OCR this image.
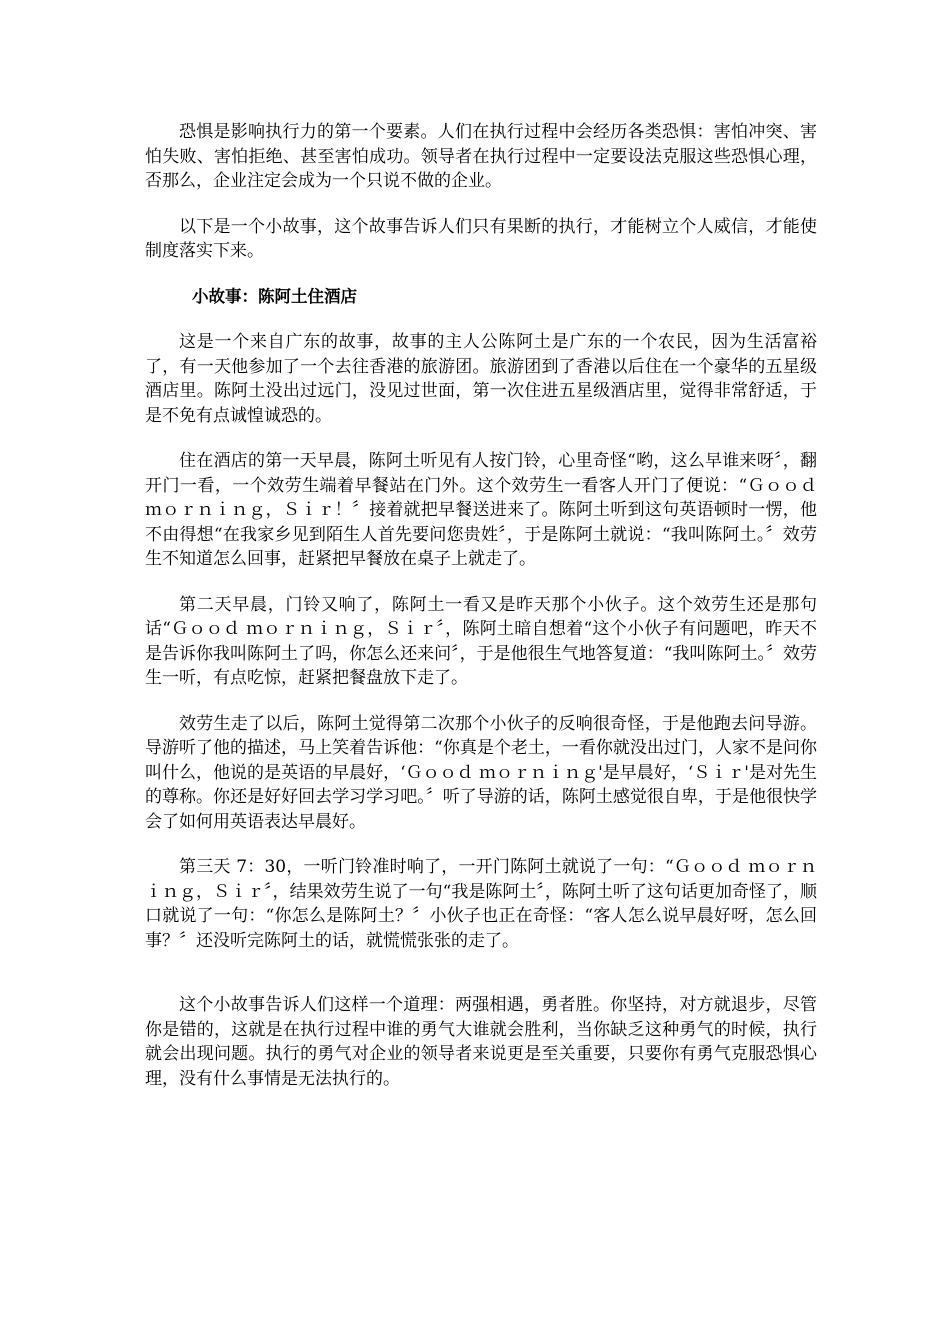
恐惧是影响执行力的第一个要素。人们在执行过程中会经历各类恐惧：害怕冲突、害怕失败、害怕拒绝、甚至害怕成功。领导者在执行过程中一定要设法克服这些恐惧心理，否那么，企业注定会成为一个只说不做的企业。

以下是一个小故事，这个故事告诉人们只有果断的执行，才能树立个人威信，才能使制度落实下来。

小故事：陈阿土住酒店

这是一个来自广东的故事，故事的主人公陈阿土是广东的一个农民，因为生活富裕了，有一天他参加了一个去往香港的旅游团。旅游团到了香港以后住在一个豪华的五星级酒店里。陈阿土没出过远门，没见过世面，第一次住进五星级酒店里，觉得非常舒适，于是不免有点诚惶诚恐的。

住在酒店的第一天早晨，陈阿土听见有人按门铃，心里奇怪“哟，这么早谁来呀〞，翻开门一看，一个效劳生端着早餐站在门外。这个效劳生一看客人开门了便说：“Ｇｏｏｄ ｍｏｒｎｉｎｇ，Ｓｉｒ！〞接着就把早餐送进来了。陈阿土听到这句英语顿时一愣，他不由得想“在我家乡见到陌生人首先要问您贵姓〞，于是陈阿土就说：“我叫陈阿土。〞效劳生不知道怎么回事，赶紧把早餐放在桌子上就走了。

第二天早晨，门铃又响了，陈阿土一看又是昨天那个小伙子。这个效劳生还是那句话“Ｇｏｏｄ ｍｏｒｎｉｎｇ，Ｓｉｒ〞，陈阿土暗自想着“这个小伙子有问题吧，昨天不是告诉你我叫陈阿土了吗，你怎么还来问〞，于是他很生气地答复道：“我叫陈阿土。〞效劳生一听，有点吃惊，赶紧把餐盘放下走了。

效劳生走了以后，陈阿土觉得第二次那个小伙子的反响很奇怪，于是他跑去问导游。导游听了他的描述，马上笑着告诉他：“你真是个老土，一看你就没出过门，人家不是问你叫什么，他说的是英语的早晨好，‘Ｇｏｏｄ ｍｏｒｎｉｎｇ'是早晨好，‘Ｓｉｒ'是对先生的尊称。你还是好好回去学习学习吧。〞听了导游的话，陈阿土感觉很自卑，于是他很快学会了如何用英语表达早晨好。

第三天 7：30，一听门铃准时响了，一开门陈阿土就说了一句：“Ｇｏｏｄ ｍｏｒｎｉｎｇ，Ｓｉｒ〞，结果效劳生说了一句“我是陈阿土〞，陈阿土听了这句话更加奇怪了，顺口就说了一句：“你怎么是陈阿土？〞小伙子也正在奇怪：“客人怎么说早晨好呀，怎么回事？〞还没听完陈阿土的话，就慌慌张张的走了。

这个小故事告诉人们这样一个道理：两强相遇，勇者胜。你坚持，对方就退步，尽管你是错的，这就是在执行过程中谁的勇气大谁就会胜利，当你缺乏这种勇气的时候，执行就会出现问题。执行的勇气对企业的领导者来说更是至关重要，只要你有勇气克服恐惧心理，没有什么事情是无法执行的。
